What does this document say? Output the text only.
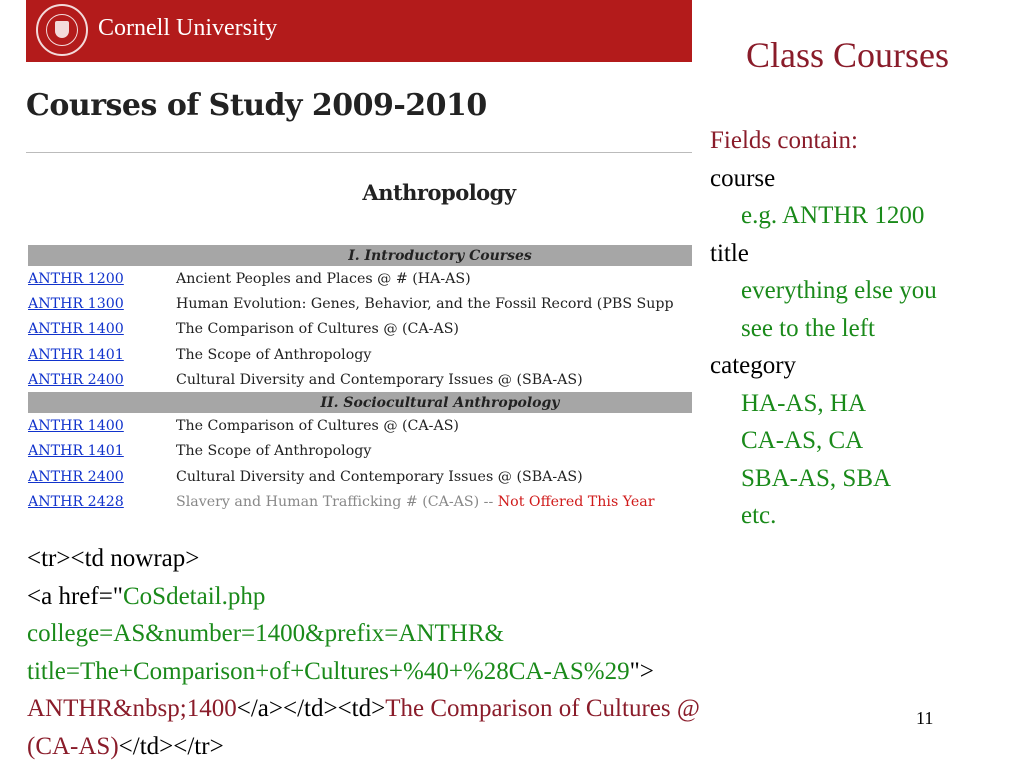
Cornell University
Courses of Study 2009-2010
Anthropology
I. Introductory Courses	
ANTHR 1200	Ancient Peoples and Places @ # (HA-AS)
ANTHR 1300	Human Evolution: Genes, Behavior, and the Fossil Record (PBS Supp
ANTHR 1400	The Comparison of Cultures @ (CA-AS)
ANTHR 1401	The Scope of Anthropology
ANTHR 2400	Cultural Diversity and Contemporary Issues @ (SBA-AS)
II. Sociocultural Anthropology	
ANTHR 1400	The Comparison of Cultures @ (CA-AS)
ANTHR 1401	The Scope of Anthropology
ANTHR 2400	Cultural Diversity and Contemporary Issues @ (SBA-AS)
ANTHR 2428	Slavery and Human Trafficking # (CA-AS) -- Not Offered This Year
Class Courses
Fields contain:
course
e.g. ANTHR 1200
title
everything else you
see to the left
category
HA-AS, HA
CA-AS, CA
SBA-AS, SBA
etc.
<tr><td nowrap>
<a href="CoSdetail.php
college=AS&number=1400&prefix=ANTHR&
title=The+Comparison+of+Cultures+%40+%28CA-AS%29">
ANTHR&nbsp;1400</a></td><td>The Comparison of Cultures @
(CA-AS)</td></tr>
11
